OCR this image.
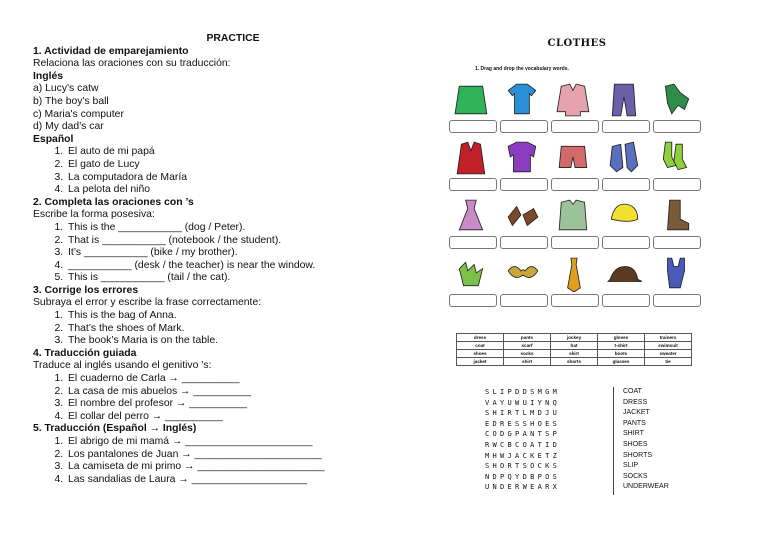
PRACTICE
1. Actividad de emparejamiento
Relaciona las oraciones con su traducción:
Inglés
a) Lucy's catw
b) The boy's ball
c) Maria's computer
d) My dad's car
Español
1. El auto de mi papá
2. El gato de Lucy
3. La computadora de María
4. La pelota del niño
2. Completa las oraciones con ’s
Escribe la forma posesiva:
1. This is the ___________ (dog / Peter).
2. That is ___________ (notebook / the student).
3. It’s ___________ (bike / my brother).
4. ___________ (desk / the teacher) is near the window.
5. This is ___________ (tail / the cat).
3. Corrige los errores
Subraya el error y escribe la frase correctamente:
1. This is the bag of Anna.
2. That’s the shoes of Mark.
3. The book’s Maria is on the table.
4. Traducción guiada
Traduce al inglés usando el genitivo ’s:
1. El cuaderno de Carla → __________
2. La casa de mis abuelos → __________
3. El nombre del profesor → __________
4. El collar del perro → __________
5. Traducción (Español → Inglés)
1. El abrigo de mi mamá → ______________________
2. Los pantalones de Juan → ______________________
3. La camiseta de mi primo → ______________________
4. Las sandalias de Laura → ____________________
CLOTHES
1. Drag and drop the vocabulary words.
dress	pants	jockey	gloves	trainers
coat	scarf	hat	t-shirt	swimsuit
shoes	socks	skirt	boots	sweater
jacket	shirt	shorts	glasses	tie
SLIPDDSMGM
VAYUWUIYNQ
SHIRTLMDJU
EDRESSHOES
CODGPANTSP
RWCBCOATID
MHWJACKETZ
SHORTSOCKS
NDPQYDBPOS
UNDERWEARX
COAT
DRESS
JACKET
PANTS
SHIRT
SHOES
SHORTS
SLIP
SOCKS
UNDERWEAR
